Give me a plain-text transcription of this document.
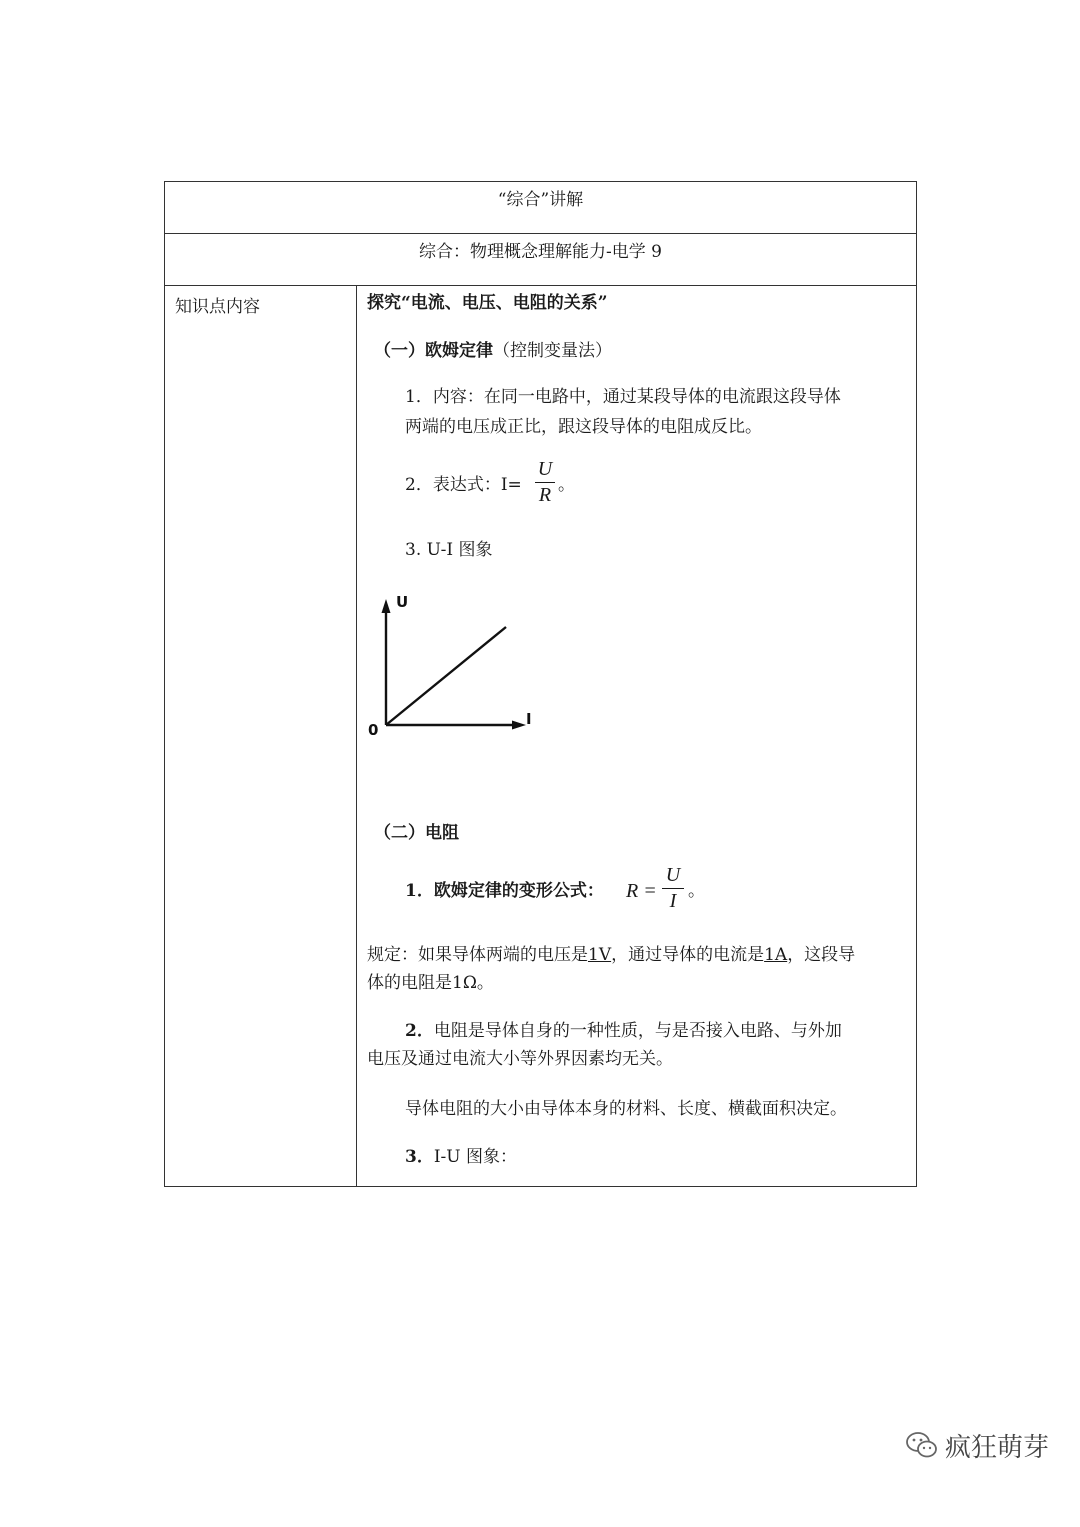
“综合”讲解
综合：物理概念理解能力-电学 9
知识点内容	探究“电流、电压、电阻的关系”
（一）欧姆定律（控制变量法）
1．内容：在同一电路中，通过某段导体的电流跟这段导体
两端的电压成正比，跟这段导体的电阻成反比。
2．表达式：I=
U
R 。
3. U-I 图象
U
I
0
（二）电阻
1．欧姆定律的变形公式： R =
U
I 。
规定：如果导体两端的电压是1V，通过导体的电流是1A，这段导
体的电阻是1Ω。
2．电阻是导体自身的一种性质，与是否接入电路、与外加
电压及通过电流大小等外界因素均无关。
导体电阻的大小由导体本身的材料、长度、横截面积决定。
3．I-U 图象：
疯狂萌芽
